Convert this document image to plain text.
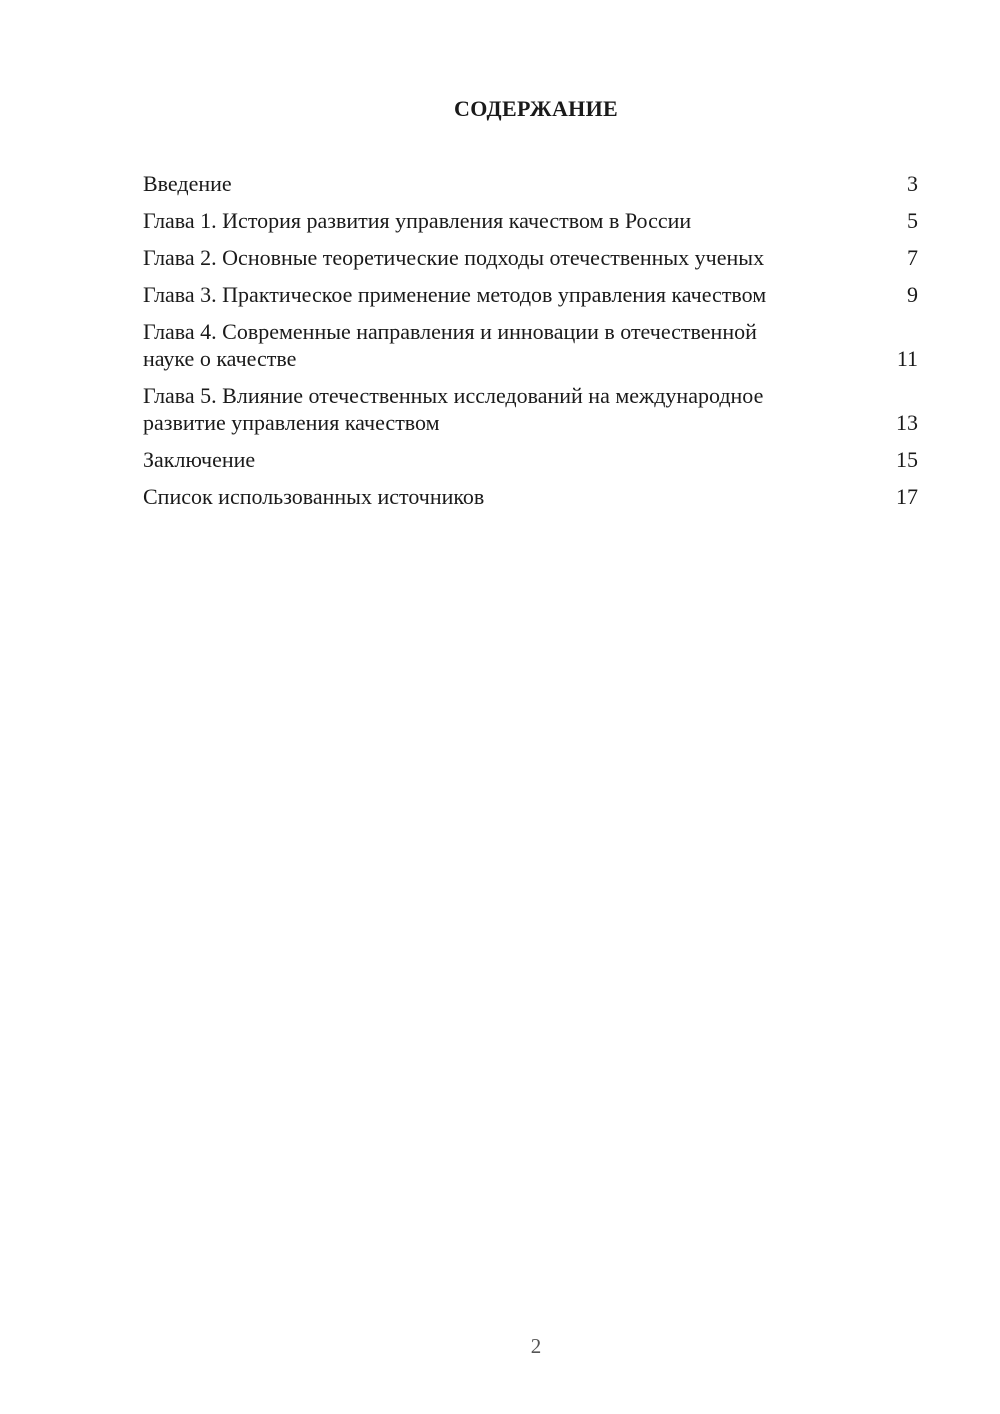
СОДЕРЖАНИЕ
Введение	3
Глава 1. История развития управления качеством в России	5
Глава 2. Основные теоретические подходы отечественных ученых	7
Глава 3. Практическое применение методов управления качеством	9
Глава 4. Современные направления и инновации в отечественной науке о качестве	11
Глава 5. Влияние отечественных исследований на международное развитие управления качеством	13
Заключение	15
Список использованных источников	17
2
